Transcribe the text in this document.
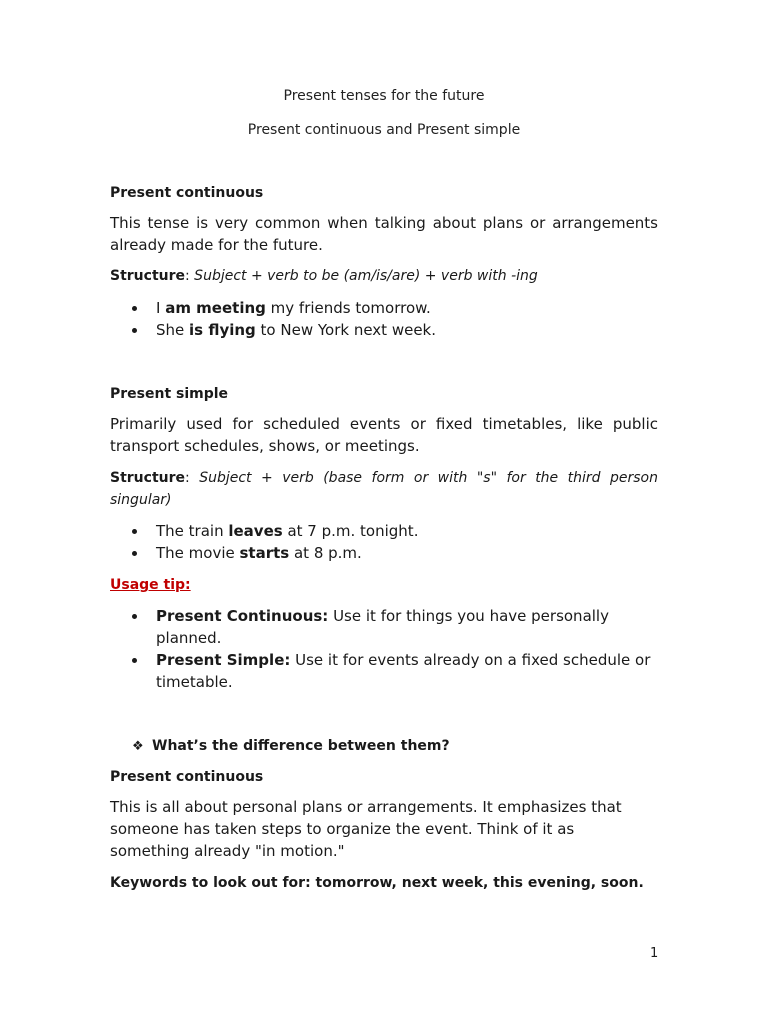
Present tenses for the future
Present continuous and Present simple
Present continuous
This tense is very common when talking about plans or arrangements already made for the future.
Structure: Subject + verb to be (am/is/are) + verb with -ing
I am meeting my friends tomorrow.
She is flying to New York next week.
Present simple
Primarily used for scheduled events or fixed timetables, like public transport schedules, shows, or meetings.
Structure: Subject + verb (base form or with "s" for the third person singular)
The train leaves at 7 p.m. tonight.
The movie starts at 8 p.m.
Usage tip:
Present Continuous: Use it for things you have personally planned.
Present Simple: Use it for events already on a fixed schedule or timetable.
❖ What’s the difference between them?
Present continuous
This is all about personal plans or arrangements. It emphasizes that someone has taken steps to organize the event. Think of it as something already "in motion."
Keywords to look out for: tomorrow, next week, this evening, soon.
1
